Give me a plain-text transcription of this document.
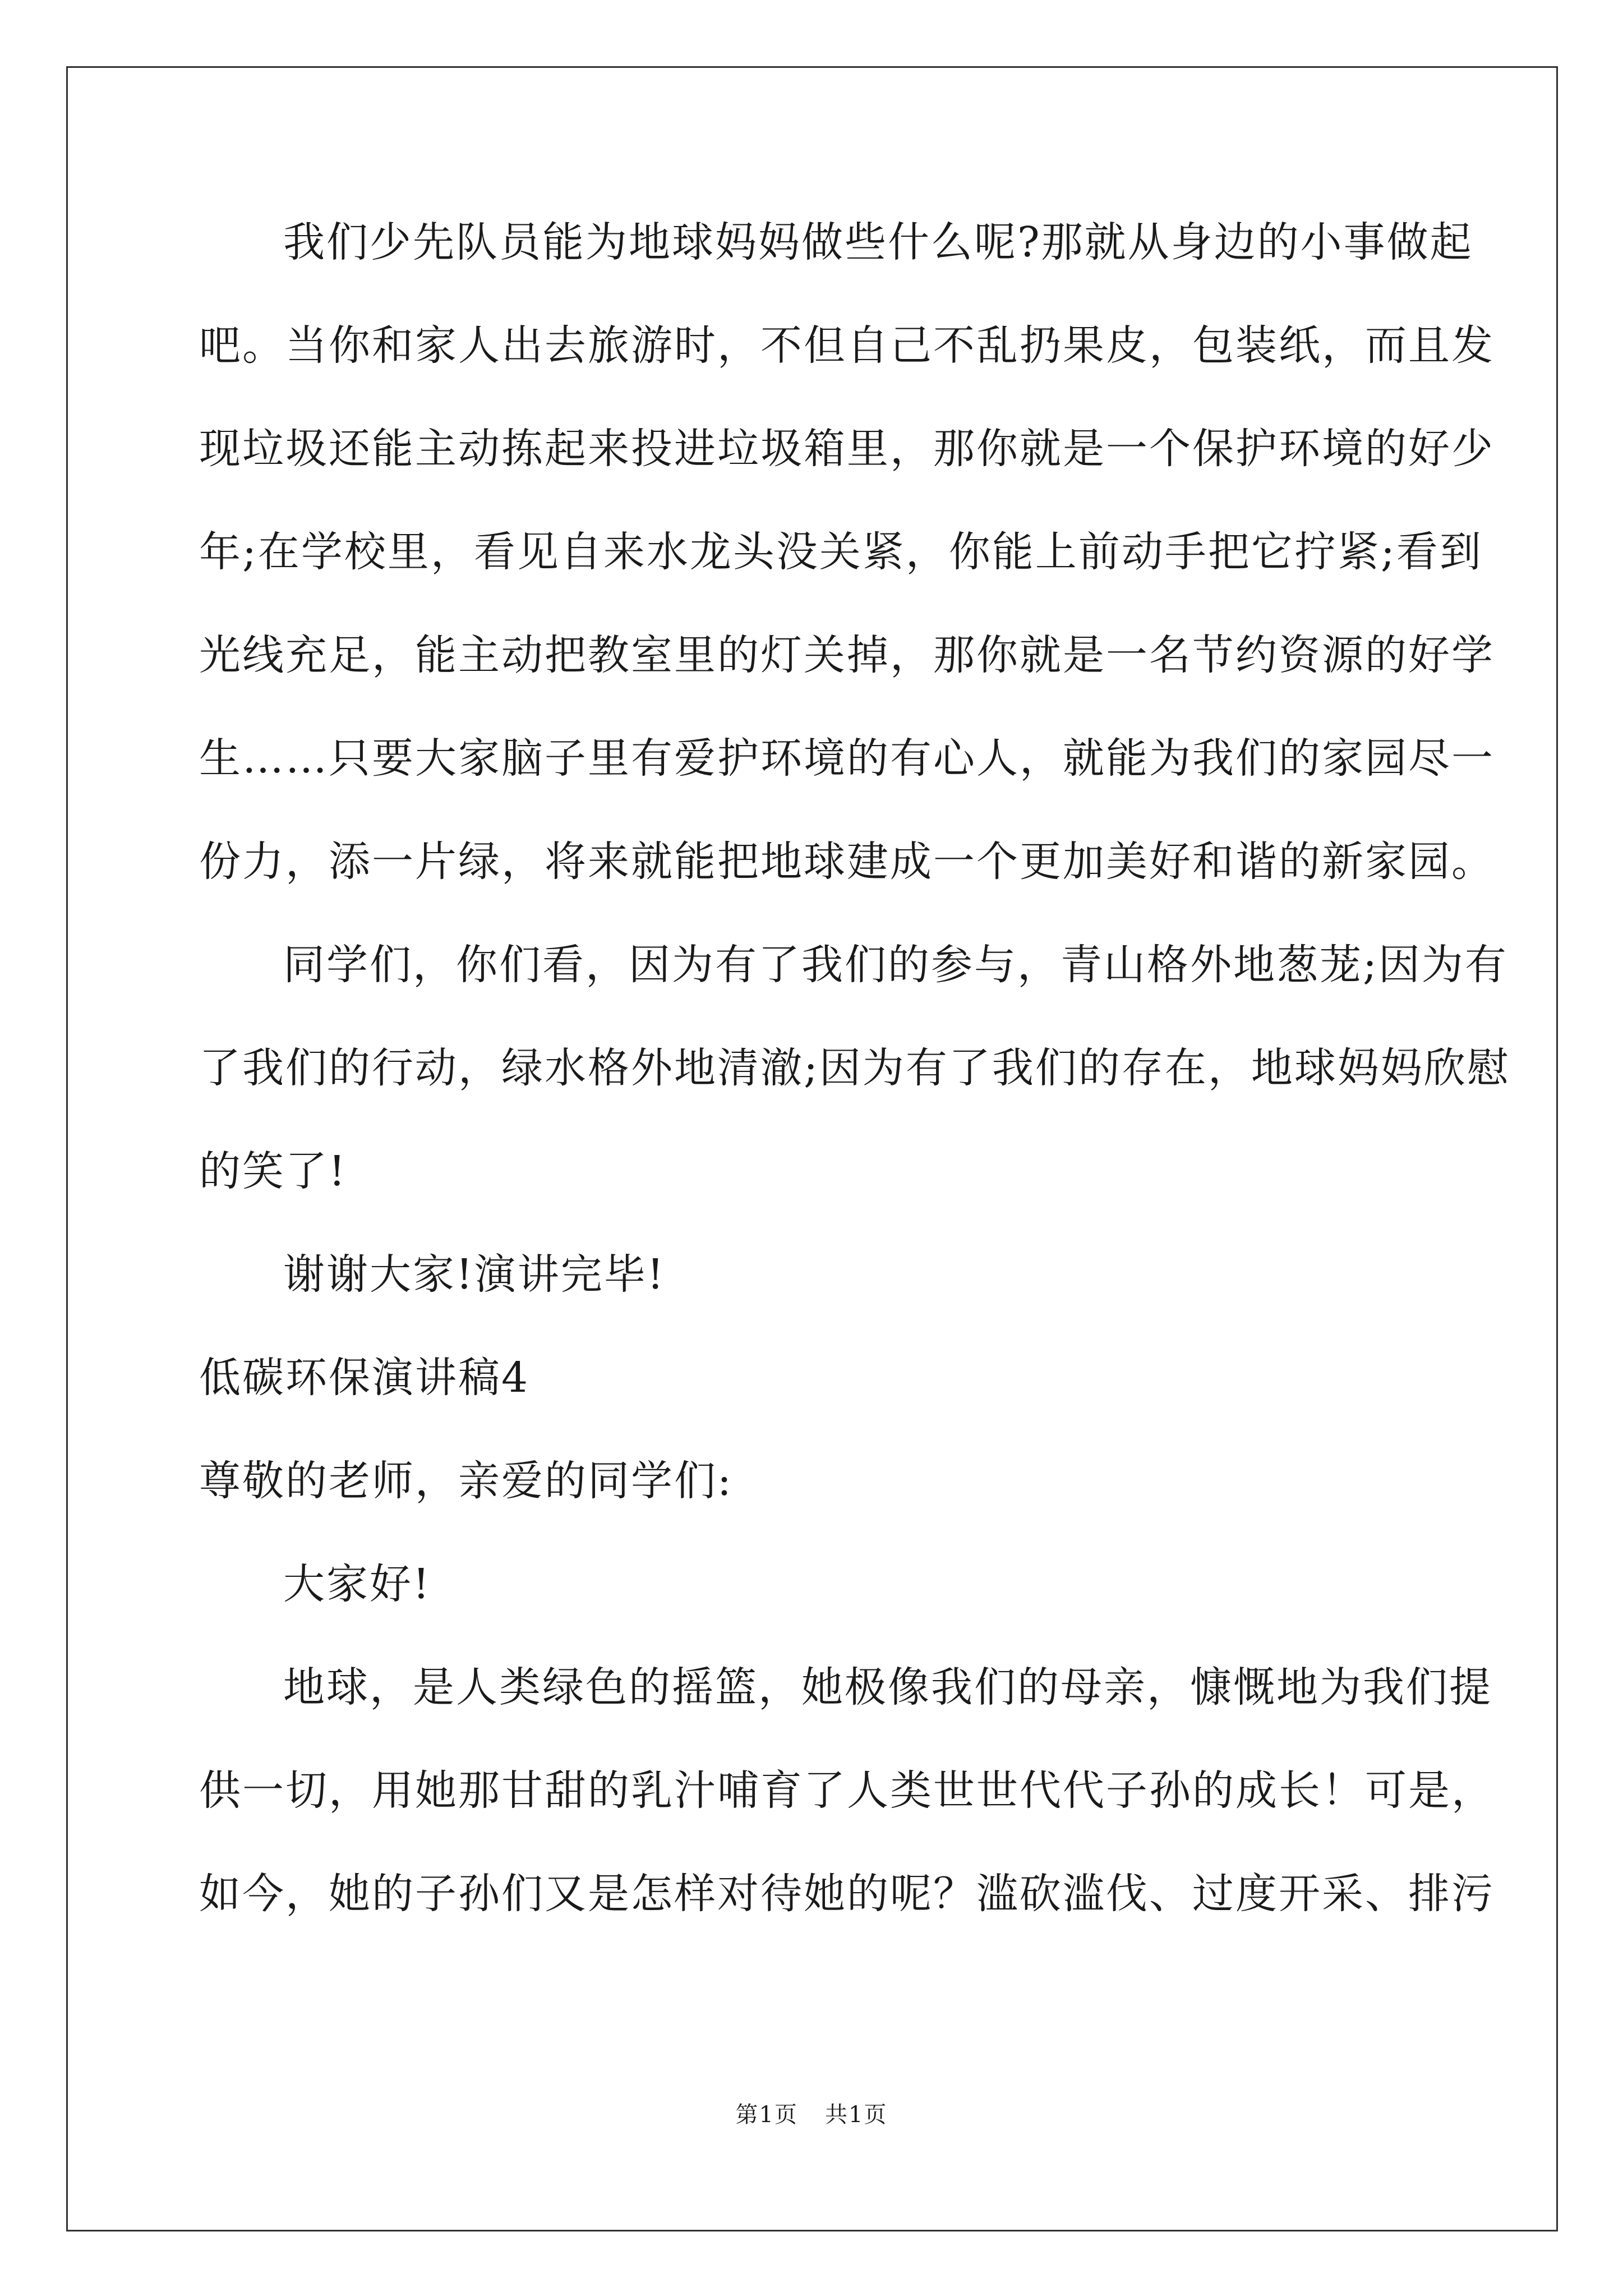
我们少先队员能为地球妈妈做些什么呢?那就从身边的小事做起
吧。当你和家人出去旅游时，不但自己不乱扔果皮，包装纸，而且发
现垃圾还能主动拣起来投进垃圾箱里，那你就是一个保护环境的好少
年;在学校里，看见自来水龙头没关紧，你能上前动手把它拧紧;看到
光线充足，能主动把教室里的灯关掉，那你就是一名节约资源的好学
生……只要大家脑子里有爱护环境的有心人，就能为我们的家园尽一
份力，添一片绿，将来就能把地球建成一个更加美好和谐的新家园。
同学们，你们看，因为有了我们的参与，青山格外地葱茏;因为有
了我们的行动，绿水格外地清澈;因为有了我们的存在，地球妈妈欣慰
的笑了!
谢谢大家!演讲完毕!
低碳环保演讲稿4
尊敬的老师，亲爱的同学们:
大家好!
地球，是人类绿色的摇篮，她极像我们的母亲，慷慨地为我们提
供一切，用她那甘甜的乳汁哺育了人类世世代代子孙的成长！可是，
如今，她的子孙们又是怎样对待她的呢？滥砍滥伐、过度开采、排污
第1页 共1页
